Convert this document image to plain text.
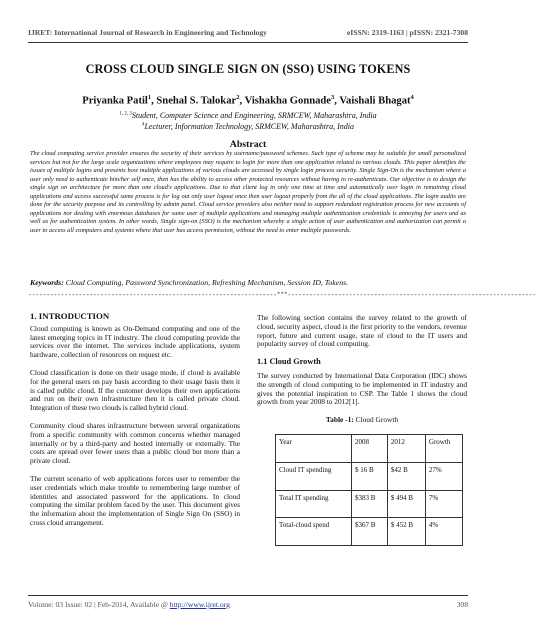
IJRET: International Journal of Research in Engineering and Technology	eISSN: 2319-1163 | pISSN: 2321-7308
CROSS CLOUD SINGLE SIGN ON (SSO) USING TOKENS
Priyanka Patil$^1$, Snehal S. Talokar$^2$, Vishakha Gonnade$^3$, Vaishali Bhagat$^4$
$^{1, 2, 3}$Student, Computer Science and Engineering, SRMCEW, Maharashtra, India
$^4$Lecturer, Information Technology, SRMCEW, Maharashtra, India
Abstract
The cloud computing service provider ensures the security of their services by username/password schemes. Such type of scheme may be suitable for small personalized services but not for the large scale organizations where employees may require to login for more than one application related to various clouds. This paper identifies the issues of multiple logins and presents how multiple applications of various clouds are accessed by single login process security. Single Sign-On is the mechanism where a user only need to authenticate him/her self once, then has the ability to access other protected resources without having to re-authenticate. Our objective is to design the single sign on architecture for more than one cloud's applications. Due to that client log in only one time at time and automatically user login in remaining cloud applications and access successful same process is for log out only user logout once then user logout properly from the all of the cloud applications. The login audits are done for the security purpose and its controlling by admin panel. Cloud service providers also neither need to support redundant registration process for new accounts of applications nor dealing with enormous databases for same user of multiple applications and managing multiple authentication credentials is annoying for users and as well as for authentication system. In other words, Single sign-on (SSO) is the mechanism whereby a single action of user authentication and authorization can permit a user to access all computers and systems where that user has access permission, without the need to enter multiple passwords.
Keywords: Cloud Computing, Password Synchronization, Refreshing Mechanism, Session ID, Tokens.
---------------------------------------------------------------------***---------------------------------------------------------------------
1. INTRODUCTION

Cloud computing is known as On-Demand computing and one of the latest emerging topics in IT industry. The cloud computing provide the services over the internet. The services include applications, system hardware, collection of resources on request etc.

Cloud classification is done on their usage mode, if cloud is available for the general users on pay basis according to their usage basis then it is called public cloud. If the customer develops their own applications and run on their own infrastructure then it is called private cloud. Integration of these two clouds is called hybrid cloud.

Community cloud shares infrastructure between several organizations from a specific community with common concerns whether managed internally or by a third-party and hosted internally or externally. The costs are spread over fewer users than a public cloud but more than a private cloud.

The current scenario of web applications forces user to remember the user credentials which make trouble to remembering large number of identities and associated password for the applications. In cloud computing the similar problem faced by the user. This document gives the information about the implementation of Single Sign On (SSO) in cross cloud arrangement.

The following section contains the survey related to the growth of cloud, security aspect, cloud is the first priority to the vendors, revenue report, future and current usage, state of cloud to the IT users and popularity survey of cloud computing.

1.1 Cloud Growth

The survey conducted by International Data Corporation (IDC) shows the strength of cloud computing to be implemented in IT industry and gives the potential inspiration to CSP. The Table 1 shows the cloud growth from year 2008 to 2012[1].

Table -1: Cloud Growth
Year	2008	2012	Growth
Cloud IT spending	$ 16 B	$42 B	27%
Total IT spending	$383 B	$ 494 B	7%
Total-cloud spend	$367 B	$ 452 B	4%
Volume: 03 Issue: 02 | Feb-2014, Available @ http://www.ijret.org	308
